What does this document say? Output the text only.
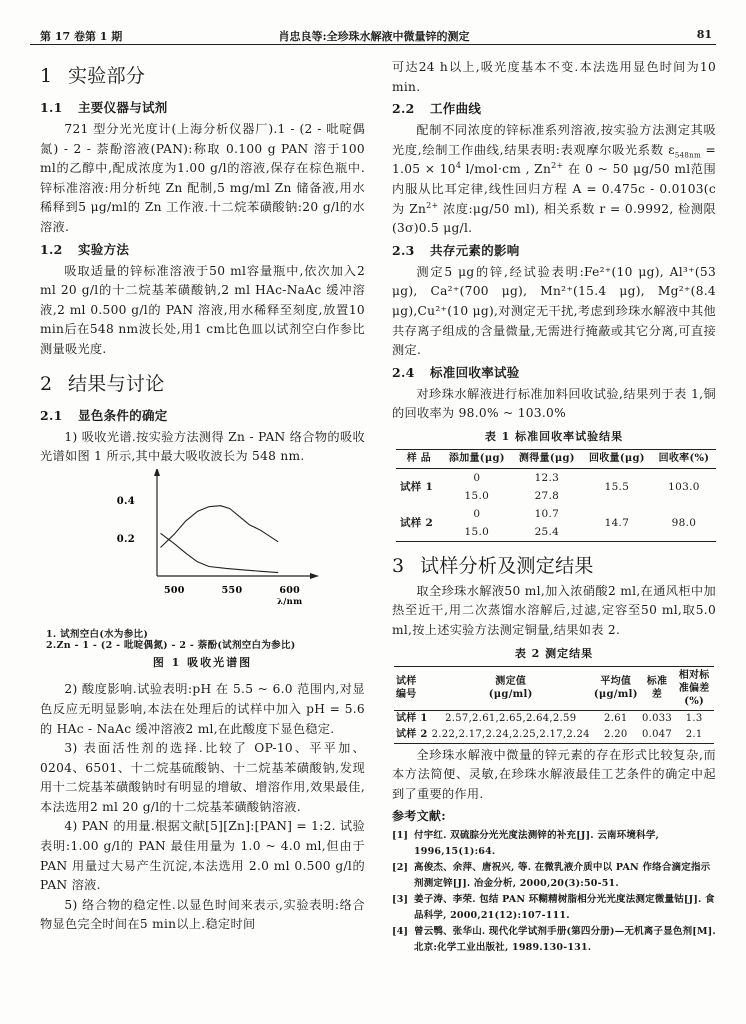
第 17 卷第 1 期	肖忠良等:全珍珠水解液中微量锌的测定	81
1 实验部分
1.1 主要仪器与试剂

721 型分光光度计(上海分析仪器厂).1 - (2 - 吡啶偶氮) - 2 - 萘酚溶液(PAN):称取 0.100 g PAN 溶于100 ml的乙醇中,配成浓度为1.00 g/l的溶液,保存在棕色瓶中.锌标准溶液:用分析纯 Zn 配制,5 mg/ml Zn 储备液,用水稀释到5 μg/ml的 Zn 工作液.十二烷苯磺酸钠:20 g/l的水溶液.

1.2 实验方法

吸取适量的锌标准溶液于50 ml容量瓶中,依次加入2 ml 20 g/l的十二烷基苯磺酸钠,2 ml HAc-NaAc 缓冲溶液,2 ml 0.500 g/l的 PAN 溶液,用水稀释至刻度,放置10 min后在548 nm波长处,用1 cm比色皿以试剂空白作参比测量吸光度.

2 结果与讨论
2.1 显色条件的确定

1) 吸收光谱.按实验方法测得 Zn - PAN 络合物的吸收光谱如图 1 所示,其中最大吸收波长为 548 nm.

500	550	600
λ/nm
0.2
0.4
1. 试剂空白(水为参比)
2.Zn - 1 - (2 - 吡啶偶氮) - 2 - 萘酚(试剂空白为参比)
图 1 吸收光谱图

2) 酸度影响.试验表明:pH 在 5.5 ~ 6.0 范围内,对显色反应无明显影响,本法在处理后的试样中加入 pH = 5.6 的 HAc - NaAc 缓冲溶液2 ml,在此酸度下显色稳定.

3) 表面活性剂的选择.比较了 OP-10、平平加、0204、6501、十二烷基硫酸钠、十二烷基苯磺酸钠,发现用十二烷基苯磺酸钠时有明显的增敏、增溶作用,效果最佳,本法选用2 ml 20 g/l的十二烷基苯磺酸钠溶液.

4) PAN 的用量.根据文献[5][Zn]:[PAN] = 1:2. 试验表明:1.00 g/l的 PAN 最佳用量为 1.0 ~ 4.0 ml,但由于 PAN 用量过大易产生沉淀,本法选用 2.0 ml 0.500 g/l的 PAN 溶液.

5) 络合物的稳定性.以显色时间来表示,实验表明:络合物显色完全时间在5 min以上.稳定时间

可达24 h以上,吸光度基本不变.本法选用显色时间为10 min.

2.2 工作曲线

配制不同浓度的锌标准系列溶液,按实验方法测定其吸光度,绘制工作曲线,结果表明:表观摩尔吸光系数 $\varepsilon_{548nm} = 1.05 \times 10^4$ l/mol·cm , $Zn^{2+}$ 在 0 ~ 50 μg/50 ml范围内服从比耳定律,线性回归方程 A = 0.475c - 0.0103(c 为 $Zn^{2+}$ 浓度:μg/50 ml), 相关系数 r = 0.9992, 检测限 (3σ)0.5 μg/l.

2.3 共存元素的影响

测定5 μg的锌,经试验表明:Fe²⁺(10 μg), Al³⁺(53 μg), Ca²⁺(700 μg), Mn²⁺(15.4 μg), Mg²⁺(8.4 μg),Cu²⁺(10 μg),对测定无干扰,考虑到珍珠水解液中其他共存离子组成的含量微量,无需进行掩蔽或其它分离,可直接测定.

2.4 标准回收率试验

对珍珠水解液进行标准加料回收试验,结果列于表 1,铜的回收率为 98.0% ~ 103.0%

表 1 标准回收率试验结果
样 品	添加量(μg)	测得量(μg)	回收量(μg)	回收率(%)
试样 1	0	12.3	15.5	103.0
	15.0	27.8		
试样 2	0	10.7	14.7	98.0
	15.0	25.4		
3 试样分析及测定结果

取全珍珠水解液50 ml,加入浓硝酸2 ml,在通风柜中加热至近干,用二次蒸馏水溶解后,过滤,定容至50 ml,取5.0 ml,按上述实验方法测定铜量,结果如表 2.

表 2 测定结果
试样
编号	测定值
(μg/ml)	平均值
(μg/ml)	标准差	相对标
准偏差(%)
试样 1	2.57,2.61,2.65,2.64,2.59	2.61	0.033	1.3
试样 2	2.22,2.17,2.24,2.25,2.17,2.24	2.20	0.047	2.1

全珍珠水解液中微量的锌元素的存在形式比较复杂,而本方法简便、灵敏,在珍珠水解液最佳工艺条件的确定中起到了重要的作用.

参考文献:
[1] 付宇红. 双硫腙分光光度法测锌的补充[J]. 云南环境科学, 1996,15(1):64.
[2] 高俊杰、余萍、唐祝兴, 等. 在微乳液介质中以 PAN 作络合滴定指示剂测定锌[J]. 冶金分析, 2000,20(3):50-51.
[3] 姜子涛、李荣. 包结 PAN 环糊精树脂相分光光度法测定微量钴[J]. 食品科学, 2000,21(12):107-111.
[4] 曾云鹗、张华山. 现代化学试剂手册(第四分册)—无机离子显色剂[M]. 北京:化学工业出版社, 1989.130-131.
